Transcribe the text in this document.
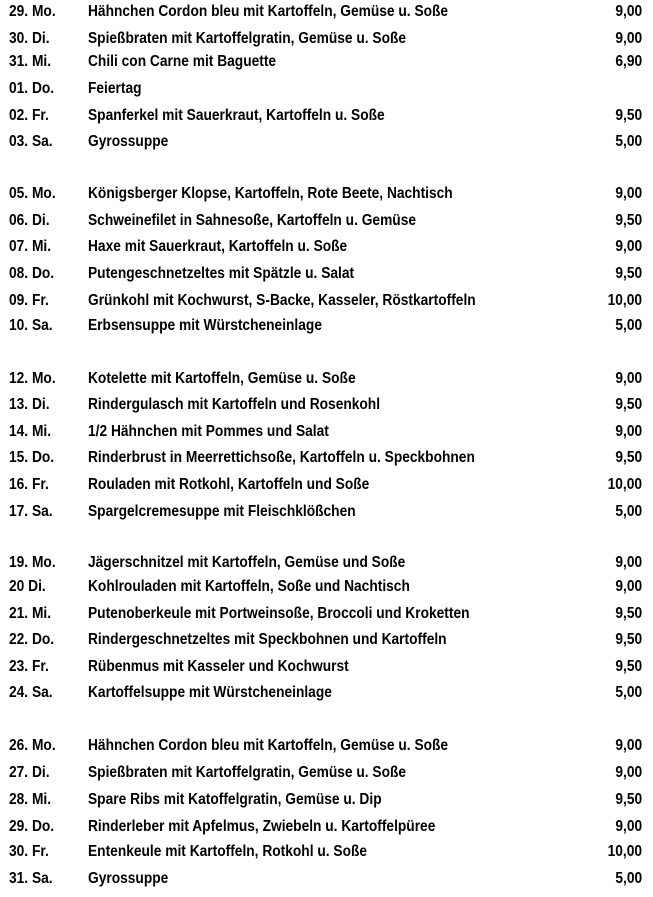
29. Mo. Hähnchen Cordon bleu mit Kartoffeln, Gemüse u. Soße	9,00
30. Di. Spießbraten mit Kartoffelgratin, Gemüse u. Soße	9,00
31. Mi. Chili con Carne mit Baguette	6,90
01. Do. Feiertag
02. Fr. Spanferkel mit Sauerkraut, Kartoffeln u. Soße	9,50
03. Sa. Gyrossuppe	5,00
05. Mo. Königsberger Klopse, Kartoffeln, Rote Beete, Nachtisch	9,00
06. Di. Schweinefilet in Sahnesoße, Kartoffeln u. Gemüse	9,50
07. Mi. Haxe mit Sauerkraut, Kartoffeln u. Soße	9,00
08. Do. Putengeschnetzeltes mit Spätzle u. Salat	9,50
09. Fr. Grünkohl mit Kochwurst, S-Backe, Kasseler, Röstkartoffeln	10,00
10. Sa. Erbsensuppe mit Würstcheneinlage	5,00
12. Mo. Kotelette mit Kartoffeln, Gemüse u. Soße	9,00
13. Di. Rindergulasch mit Kartoffeln und Rosenkohl	9,50
14. Mi. 1/2 Hähnchen mit Pommes und Salat	9,00
15. Do. Rinderbrust in Meerrettichsoße, Kartoffeln u. Speckbohnen	9,50
16. Fr. Rouladen mit Rotkohl, Kartoffeln und Soße	10,00
17. Sa. Spargelcremesuppe mit Fleischklößchen	5,00
19. Mo. Jägerschnitzel mit Kartoffeln, Gemüse und Soße	9,00
20 Di.	Kohlrouladen mit Kartoffeln, Soße und Nachtisch	9,00
21. Mi. Putenoberkeule mit Portweinsoße, Broccoli und Kroketten	9,50
22. Do. Rindergeschnetzeltes mit Speckbohnen und Kartoffeln	9,50
23. Fr. Rübenmus mit Kasseler und Kochwurst	9,50
24. Sa. Kartoffelsuppe mit Würstcheneinlage	5,00
26. Mo. Hähnchen Cordon bleu mit Kartoffeln, Gemüse u. Soße	9,00
27. Di. Spießbraten mit Kartoffelgratin, Gemüse u. Soße	9,00
28. Mi. Spare Ribs mit Katoffelgratin, Gemüse u. Dip	9,50
29. Do. Rinderleber mit Apfelmus, Zwiebeln u. Kartoffelpüree	9,00
30. Fr. Entenkeule mit Kartoffeln, Rotkohl u. Soße	10,00
31. Sa. Gyrossuppe	5,00
